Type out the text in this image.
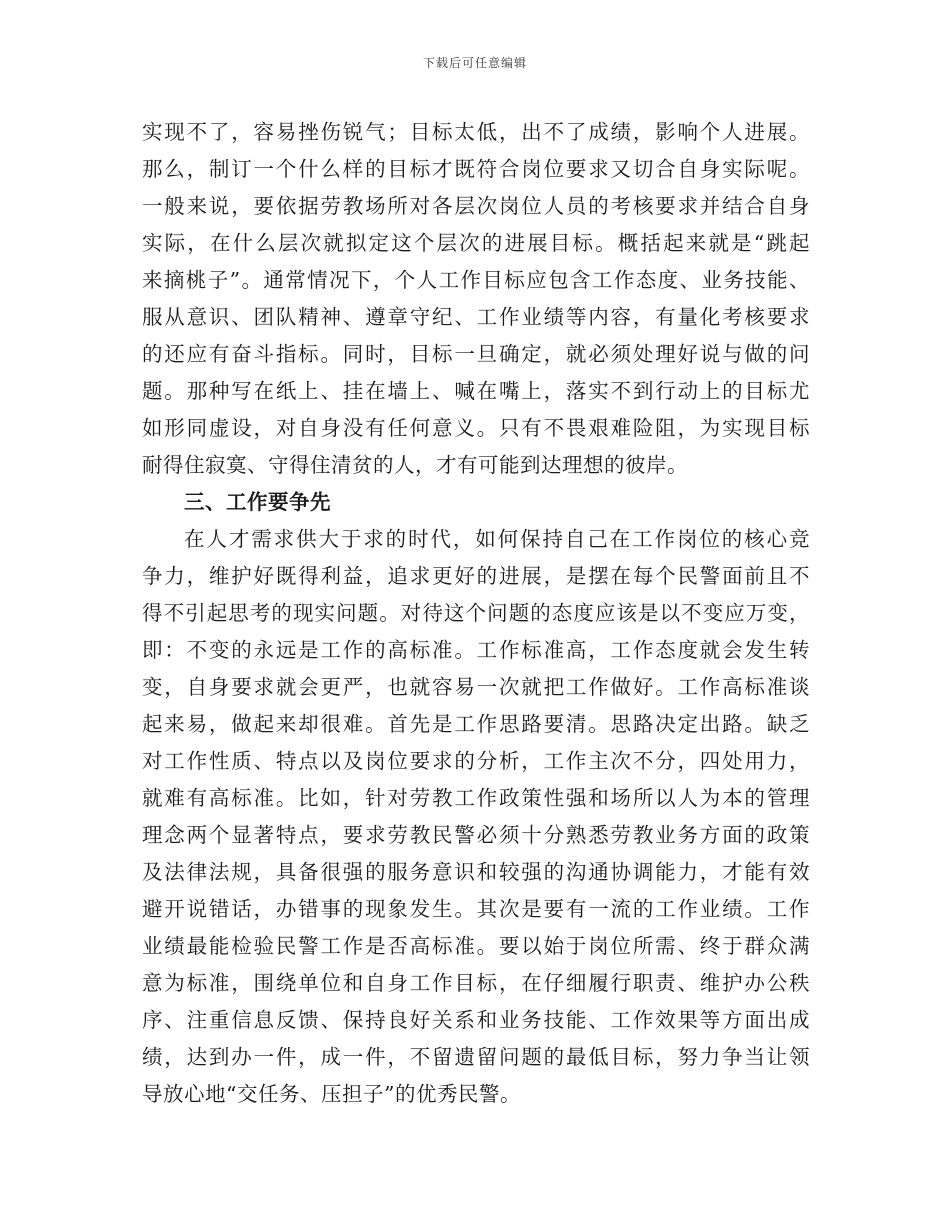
下载后可任意编辑
实现不了，容易挫伤锐气；目标太低，出不了成绩，影响个人进展。
那么，制订一个什么样的目标才既符合岗位要求又切合自身实际呢。
一般来说，要依据劳教场所对各层次岗位人员的考核要求并结合自身
实际，在什么层次就拟定这个层次的进展目标。概括起来就是“跳起
来摘桃子”。通常情况下，个人工作目标应包含工作态度、业务技能、
服从意识、团队精神、遵章守纪、工作业绩等内容，有量化考核要求
的还应有奋斗指标。同时，目标一旦确定，就必须处理好说与做的问
题。那种写在纸上、挂在墙上、喊在嘴上，落实不到行动上的目标尤
如形同虚设，对自身没有任何意义。只有不畏艰难险阻，为实现目标
耐得住寂寞、守得住清贫的人，才有可能到达理想的彼岸。
三、工作要争先
在人才需求供大于求的时代，如何保持自己在工作岗位的核心竞
争力，维护好既得利益，追求更好的进展，是摆在每个民警面前且不
得不引起思考的现实问题。对待这个问题的态度应该是以不变应万变，
即：不变的永远是工作的高标准。工作标准高，工作态度就会发生转
变，自身要求就会更严，也就容易一次就把工作做好。工作高标准谈
起来易，做起来却很难。首先是工作思路要清。思路决定出路。缺乏
对工作性质、特点以及岗位要求的分析，工作主次不分，四处用力，
就难有高标准。比如，针对劳教工作政策性强和场所以人为本的管理
理念两个显著特点，要求劳教民警必须十分熟悉劳教业务方面的政策
及法律法规，具备很强的服务意识和较强的沟通协调能力，才能有效
避开说错话，办错事的现象发生。其次是要有一流的工作业绩。工作
业绩最能检验民警工作是否高标准。要以始于岗位所需、终于群众满
意为标准，围绕单位和自身工作目标，在仔细履行职责、维护办公秩
序、注重信息反馈、保持良好关系和业务技能、工作效果等方面出成
绩，达到办一件，成一件，不留遗留问题的最低目标，努力争当让领
导放心地“交任务、压担子”的优秀民警。
